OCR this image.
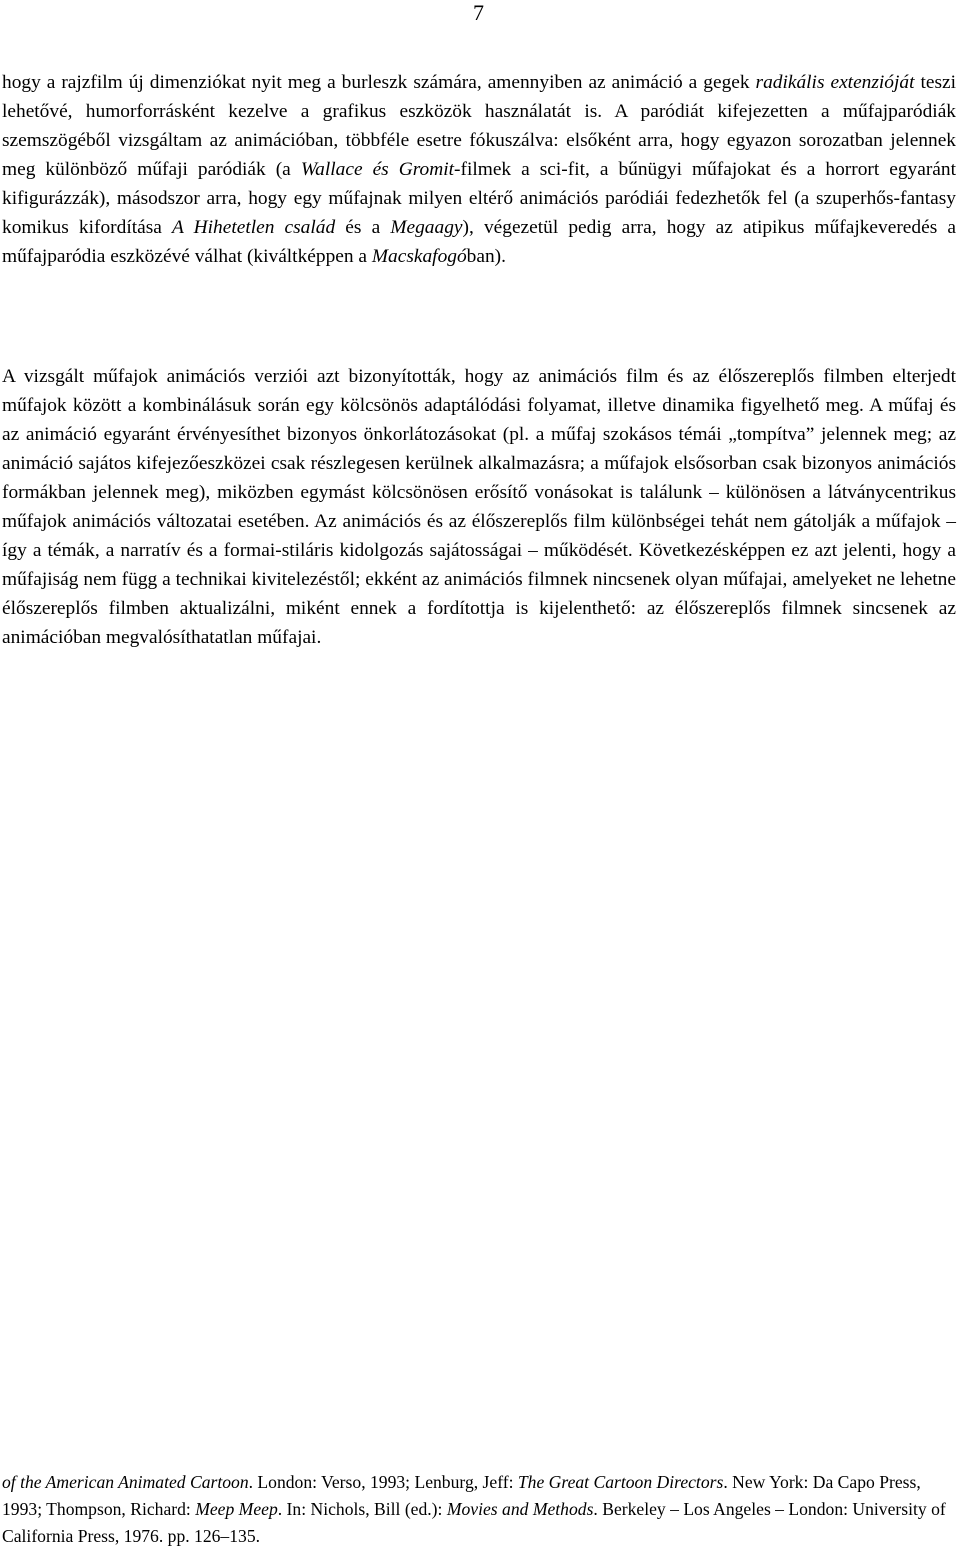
7

hogy a rajzfilm új dimenziókat nyit meg a burleszk számára, amennyiben az animáció a gegek radikális extenzióját teszi lehetővé, humorforrásként kezelve a grafikus eszközök használatát is. A paródiát kifejezetten a műfajparódiák szemszögéből vizsgáltam az animációban, többféle esetre fókuszálva: elsőként arra, hogy egyazon sorozatban jelennek meg különböző műfaji paródiák (a Wallace és Gromit-filmek a sci-fit, a bűnügyi műfajokat és a horrort egyaránt kifigurázzák), másodszor arra, hogy egy műfajnak milyen eltérő animációs paródiái fedezhetők fel (a szuperhős-fantasy komikus kifordítása A Hihetetlen család és a Megaagy), végezetül pedig arra, hogy az atipikus műfajkeveredés a műfajparódia eszközévé válhat (kiváltképpen a Macskafogóban).

A vizsgált műfajok animációs verziói azt bizonyították, hogy az animációs film és az élőszereplős filmben elterjedt műfajok között a kombinálásuk során egy kölcsönös adaptálódási folyamat, illetve dinamika figyelhető meg. A műfaj és az animáció egyaránt érvényesíthet bizonyos önkorlátozásokat (pl. a műfaj szokásos témái „tompítva” jelennek meg; az animáció sajátos kifejezőeszközei csak részlegesen kerülnek alkalmazásra; a műfajok elsősorban csak bizonyos animációs formákban jelennek meg), miközben egymást kölcsönösen erősítő vonásokat is találunk – különösen a látványcentrikus műfajok animációs változatai esetében. Az animációs és az élőszereplős film különbségei tehát nem gátolják a műfajok – így a témák, a narratív és a formai-stiláris kidolgozás sajátosságai – működését. Következésképpen ez azt jelenti, hogy a műfajiság nem függ a technikai kivitelezéstől; ekként az animációs filmnek nincsenek olyan műfajai, amelyeket ne lehetne élőszereplős filmben aktualizálni, miként ennek a fordítottja is kijelenthető: az élőszereplős filmnek sincsenek az animációban megvalósíthatatlan műfajai.

of the American Animated Cartoon. London: Verso, 1993; Lenburg, Jeff: The Great Cartoon Directors. New York: Da Capo Press, 1993; Thompson, Richard: Meep Meep. In: Nichols, Bill (ed.): Movies and Methods. Berkeley – Los Angeles – London: University of California Press, 1976. pp. 126–135.
